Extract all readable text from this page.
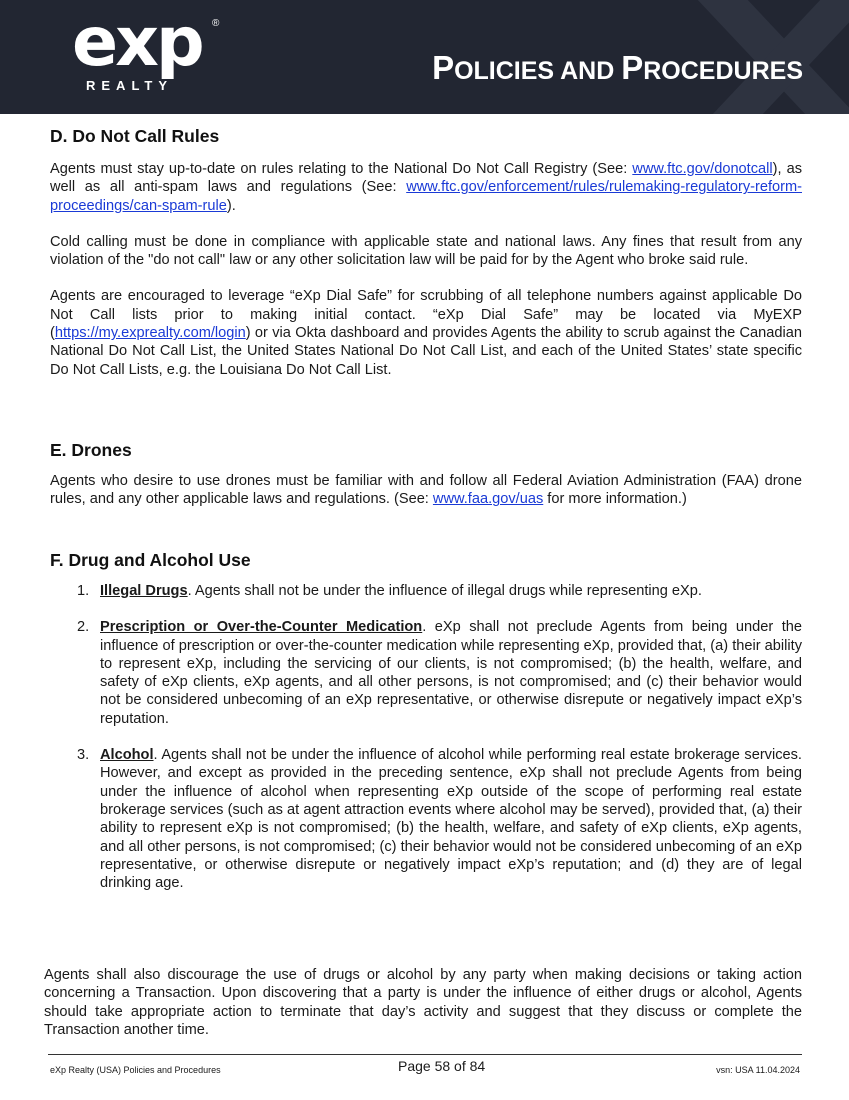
exp
REALTY
®
POLICIES AND PROCEDURES
D. Do Not Call Rules

Agents must stay up-to-date on rules relating to the National Do Not Call Registry (See: www.ftc.gov/donotcall), as well as all anti-spam laws and regulations (See: www.ftc.gov/enforcement/rules/rulemaking-regulatory-reform-proceedings/can-spam-rule).

Cold calling must be done in compliance with applicable state and national laws. Any fines that result from any violation of the "do not call" law or any other solicitation law will be paid for by the Agent who broke said rule.

Agents are encouraged to leverage “eXp Dial Safe” for scrubbing of all telephone numbers against applicable Do Not Call lists prior to making initial contact. “eXp Dial Safe” may be located via MyEXP (https://my.exprealty.com/login) or via Okta dashboard and provides Agents the ability to scrub against the Canadian National Do Not Call List, the United States National Do Not Call List, and each of the United States’ state specific Do Not Call Lists, e.g. the Louisiana Do Not Call List.

E. Drones

Agents who desire to use drones must be familiar with and follow all Federal Aviation Administration (FAA) drone rules, and any other applicable laws and regulations. (See: www.faa.gov/uas for more information.)

F. Drug and Alcohol Use
1. Illegal Drugs. Agents shall not be under the influence of illegal drugs while representing eXp.

2. Prescription or Over-the-Counter Medication. eXp shall not preclude Agents from being under the influence of prescription or over-the-counter medication while representing eXp, provided that, (a) their ability to represent eXp, including the servicing of our clients, is not compromised; (b) the health, welfare, and safety of eXp clients, eXp agents, and all other persons, is not compromised; and (c) their behavior would not be considered unbecoming of an eXp representative, or otherwise disrepute or negatively impact eXp’s reputation.

3. Alcohol. Agents shall not be under the influence of alcohol while performing real estate brokerage services. However, and except as provided in the preceding sentence, eXp shall not preclude Agents from being under the influence of alcohol when representing eXp outside of the scope of performing real estate brokerage services (such as at agent attraction events where alcohol may be served), provided that, (a) their ability to represent eXp is not compromised; (b) the health, welfare, and safety of eXp clients, eXp agents, and all other persons, is not compromised; (c) their behavior would not be considered unbecoming of an eXp representative, or otherwise disrepute or negatively impact eXp’s reputation; and (d) they are of legal drinking age.

Agents shall also discourage the use of drugs or alcohol by any party when making decisions or taking action concerning a Transaction. Upon discovering that a party is under the influence of either drugs or alcohol, Agents should take appropriate action to terminate that day’s activity and suggest that they discuss or complete the Transaction another time.

eXp Realty (USA) Policies and Procedures	Page 58 of 84	vsn: USA 11.04.2024
